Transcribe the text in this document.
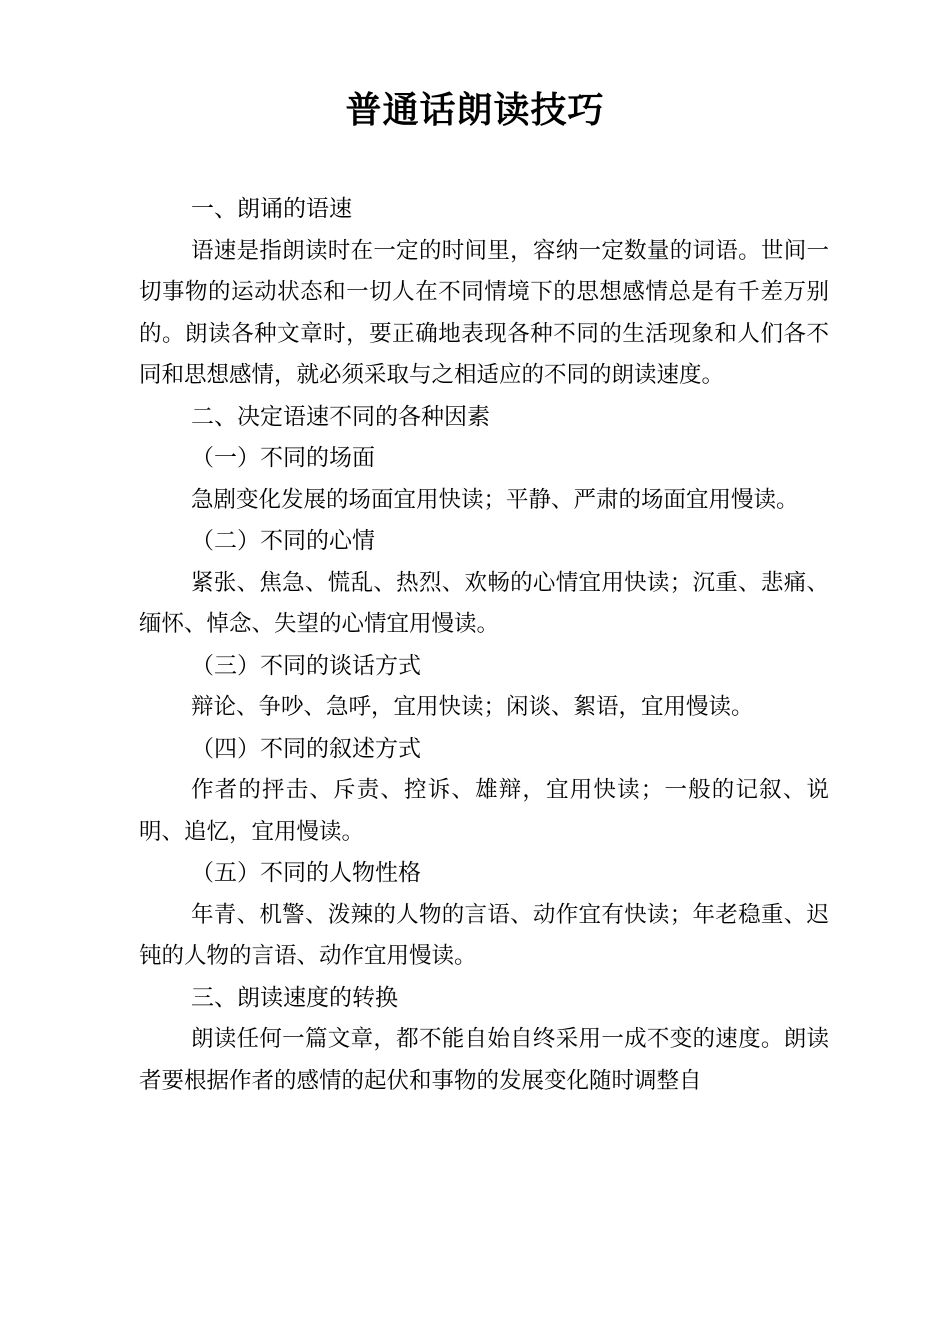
普通话朗读技巧
一、朗诵的语速

语速是指朗读时在一定的时间里，容纳一定数量的词语。世间一切事物的运动状态和一切人在不同情境下的思想感情总是有千差万别的。朗读各种文章时，要正确地表现各种不同的生活现象和人们各不同和思想感情，就必须采取与之相适应的不同的朗读速度。

二、决定语速不同的各种因素
（一）不同的场面

急剧变化发展的场面宜用快读；平静、严肃的场面宜用慢读。

（二）不同的心情

紧张、焦急、慌乱、热烈、欢畅的心情宜用快读；沉重、悲痛、缅怀、悼念、失望的心情宜用慢读。

（三）不同的谈话方式

辩论、争吵、急呼，宜用快读；闲谈、絮语，宜用慢读。

（四）不同的叙述方式

作者的抨击、斥责、控诉、雄辩，宜用快读；一般的记叙、说明、追忆，宜用慢读。

（五）不同的人物性格

年青、机警、泼辣的人物的言语、动作宜有快读；年老稳重、迟钝的人物的言语、动作宜用慢读。

三、朗读速度的转换

朗读任何一篇文章，都不能自始自终采用一成不变的速度。朗读者要根据作者的感情的起伏和事物的发展变化随时调整自
